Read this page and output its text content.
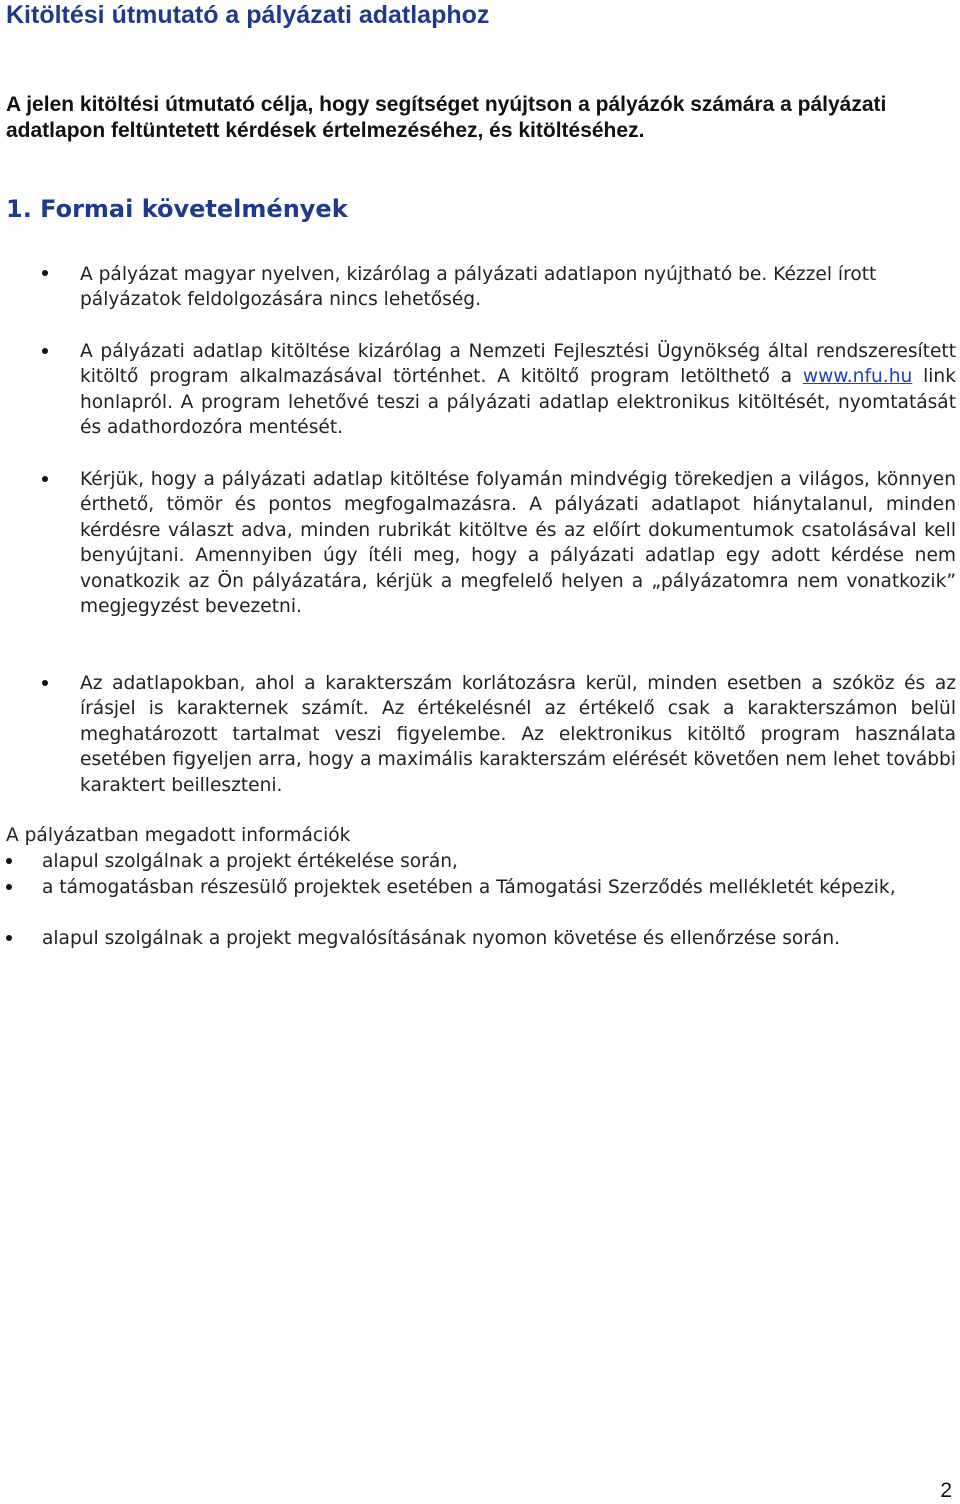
Kitöltési útmutató a pályázati adatlaphoz

A jelen kitöltési útmutató célja, hogy segítséget nyújtson a pályázók számára a pályázati adatlapon feltüntetett kérdések értelmezéséhez, és kitöltéséhez.

1. Formai követelmények

A pályázat magyar nyelven, kizárólag a pályázati adatlapon nyújtható be. Kézzel írott pályázatok feldolgozására nincs lehetőség.

A pályázati adatlap kitöltése kizárólag a Nemzeti Fejlesztési Ügynökség által rendszeresített kitöltő program alkalmazásával történhet. A kitöltő program letölthető a www.nfu.hu link honlapról. A program lehetővé teszi a pályázati adatlap elektronikus kitöltését, nyomtatását és adathordozóra mentését.

Kérjük, hogy a pályázati adatlap kitöltése folyamán mindvégig törekedjen a világos, könnyen érthető, tömör és pontos megfogalmazásra. A pályázati adatlapot hiánytalanul, minden kérdésre választ adva, minden rubrikát kitöltve és az előírt dokumentumok csatolásával kell benyújtani. Amennyiben úgy ítéli meg, hogy a pályázati adatlap egy adott kérdése nem vonatkozik az Ön pályázatára, kérjük a megfelelő helyen a „pályázatomra nem vonatkozik” megjegyzést bevezetni.

Az adatlapokban, ahol a karakterszám korlátozásra kerül, minden esetben a szóköz és az írásjel is karakternek számít. Az értékelésnél az értékelő csak a karakterszámon belül meghatározott tartalmat veszi figyelembe. Az elektronikus kitöltő program használata esetében figyeljen arra, hogy a maximális karakterszám elérését követően nem lehet további karaktert beilleszteni.

A pályázatban megadott információk

alapul szolgálnak a projekt értékelése során,

a támogatásban részesülő projektek esetében a Támogatási Szerződés mellékletét képezik,

alapul szolgálnak a projekt megvalósításának nyomon követése és ellenőrzése során.

2
